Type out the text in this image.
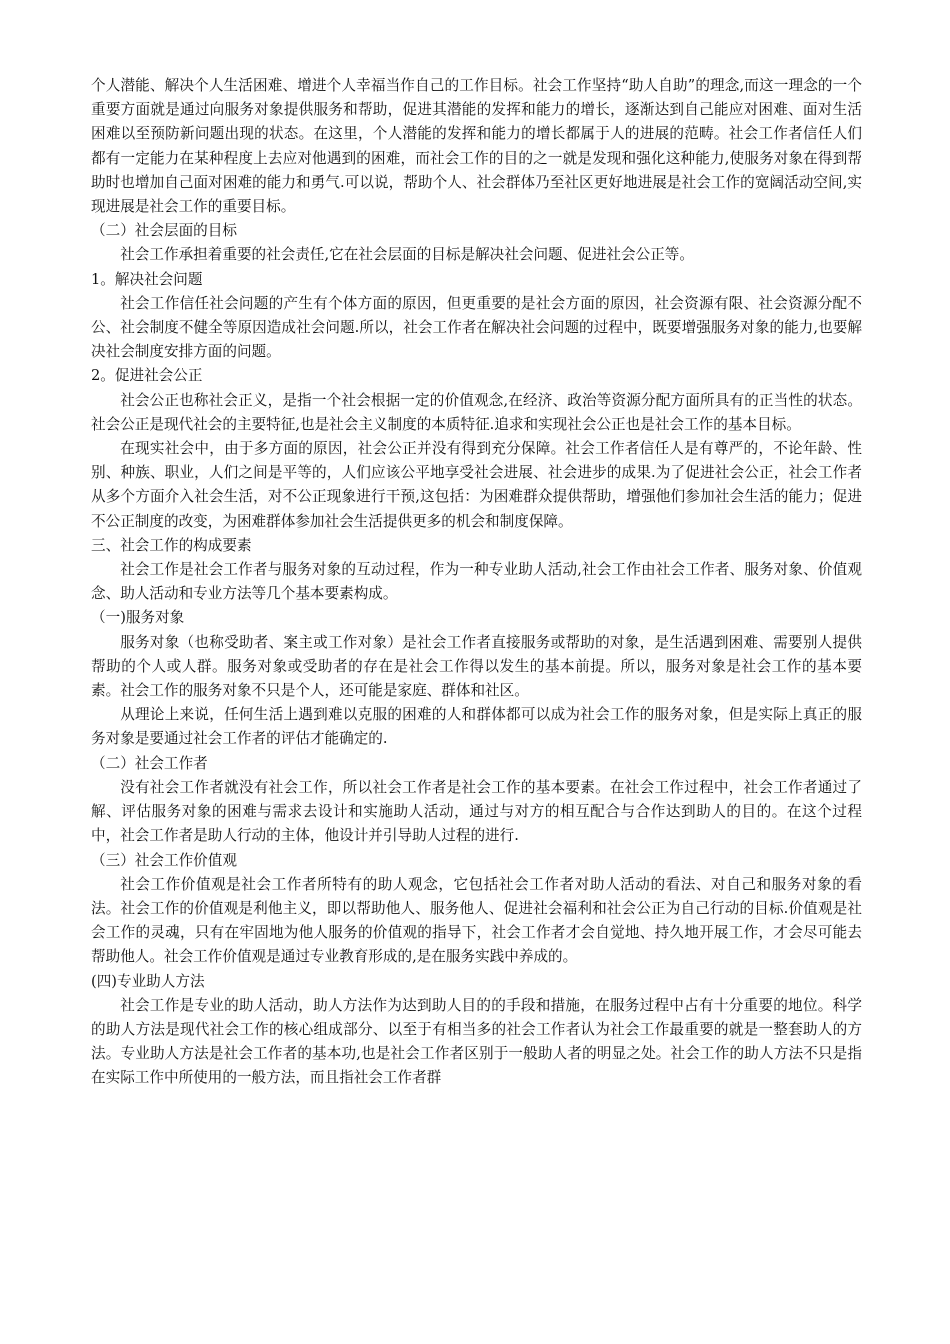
个人潜能、解决个人生活困难、增进个人幸福当作自己的工作目标。社会工作坚持“助人自助”的理念,而这一理念的一个重要方面就是通过向服务对象提供服务和帮助，促进其潜能的发挥和能力的增长，逐渐达到自己能应对困难、面对生活困难以至预防新问题出现的状态。在这里，个人潜能的发挥和能力的增长都属于人的进展的范畴。社会工作者信任人们都有一定能力在某种程度上去应对他遇到的困难，而社会工作的目的之一就是发现和强化这种能力,使服务对象在得到帮助时也增加自己面对困难的能力和勇气.可以说，帮助个人、社会群体乃至社区更好地进展是社会工作的宽阔活动空间,实现进展是社会工作的重要目标。

（二）社会层面的目标

社会工作承担着重要的社会责任,它在社会层面的目标是解决社会问题、促进社会公正等。

1。解决社会问题

社会工作信任社会问题的产生有个体方面的原因，但更重要的是社会方面的原因，社会资源有限、社会资源分配不公、社会制度不健全等原因造成社会问题.所以，社会工作者在解决社会问题的过程中，既要增强服务对象的能力,也要解决社会制度安排方面的问题。

2。促进社会公正

社会公正也称社会正义，是指一个社会根据一定的价值观念,在经济、政治等资源分配方面所具有的正当性的状态。社会公正是现代社会的主要特征,也是社会主义制度的本质特征.追求和实现社会公正也是社会工作的基本目标。

在现实社会中，由于多方面的原因，社会公正并没有得到充分保障。社会工作者信任人是有尊严的，不论年龄、性别、种族、职业，人们之间是平等的，人们应该公平地享受社会进展、社会进步的成果.为了促进社会公正，社会工作者从多个方面介入社会生活，对不公正现象进行干预,这包括：为困难群众提供帮助，增强他们参加社会生活的能力；促进不公正制度的改变，为困难群体参加社会生活提供更多的机会和制度保障。

三、社会工作的构成要素

社会工作是社会工作者与服务对象的互动过程，作为一种专业助人活动,社会工作由社会工作者、服务对象、价值观念、助人活动和专业方法等几个基本要素构成。

（一)服务对象

服务对象（也称受助者、案主或工作对象）是社会工作者直接服务或帮助的对象，是生活遇到困难、需要别人提供帮助的个人或人群。服务对象或受助者的存在是社会工作得以发生的基本前提。所以，服务对象是社会工作的基本要素。社会工作的服务对象不只是个人，还可能是家庭、群体和社区。

从理论上来说，任何生活上遇到难以克服的困难的人和群体都可以成为社会工作的服务对象，但是实际上真正的服务对象是要通过社会工作者的评估才能确定的.

（二）社会工作者

没有社会工作者就没有社会工作，所以社会工作者是社会工作的基本要素。在社会工作过程中，社会工作者通过了解、评估服务对象的困难与需求去设计和实施助人活动，通过与对方的相互配合与合作达到助人的目的。在这个过程中，社会工作者是助人行动的主体，他设计并引导助人过程的进行.

（三）社会工作价值观

社会工作价值观是社会工作者所特有的助人观念，它包括社会工作者对助人活动的看法、对自己和服务对象的看法。社会工作的价值观是利他主义，即以帮助他人、服务他人、促进社会福利和社会公正为自己行动的目标.价值观是社会工作的灵魂，只有在牢固地为他人服务的价值观的指导下，社会工作者才会自觉地、持久地开展工作，才会尽可能去帮助他人。社会工作价值观是通过专业教育形成的,是在服务实践中养成的。

(四)专业助人方法

社会工作是专业的助人活动，助人方法作为达到助人目的的手段和措施，在服务过程中占有十分重要的地位。科学的助人方法是现代社会工作的核心组成部分、以至于有相当多的社会工作者认为社会工作最重要的就是一整套助人的方法。专业助人方法是社会工作者的基本功,也是社会工作者区别于一般助人者的明显之处。社会工作的助人方法不只是指在实际工作中所使用的一般方法，而且指社会工作者群
